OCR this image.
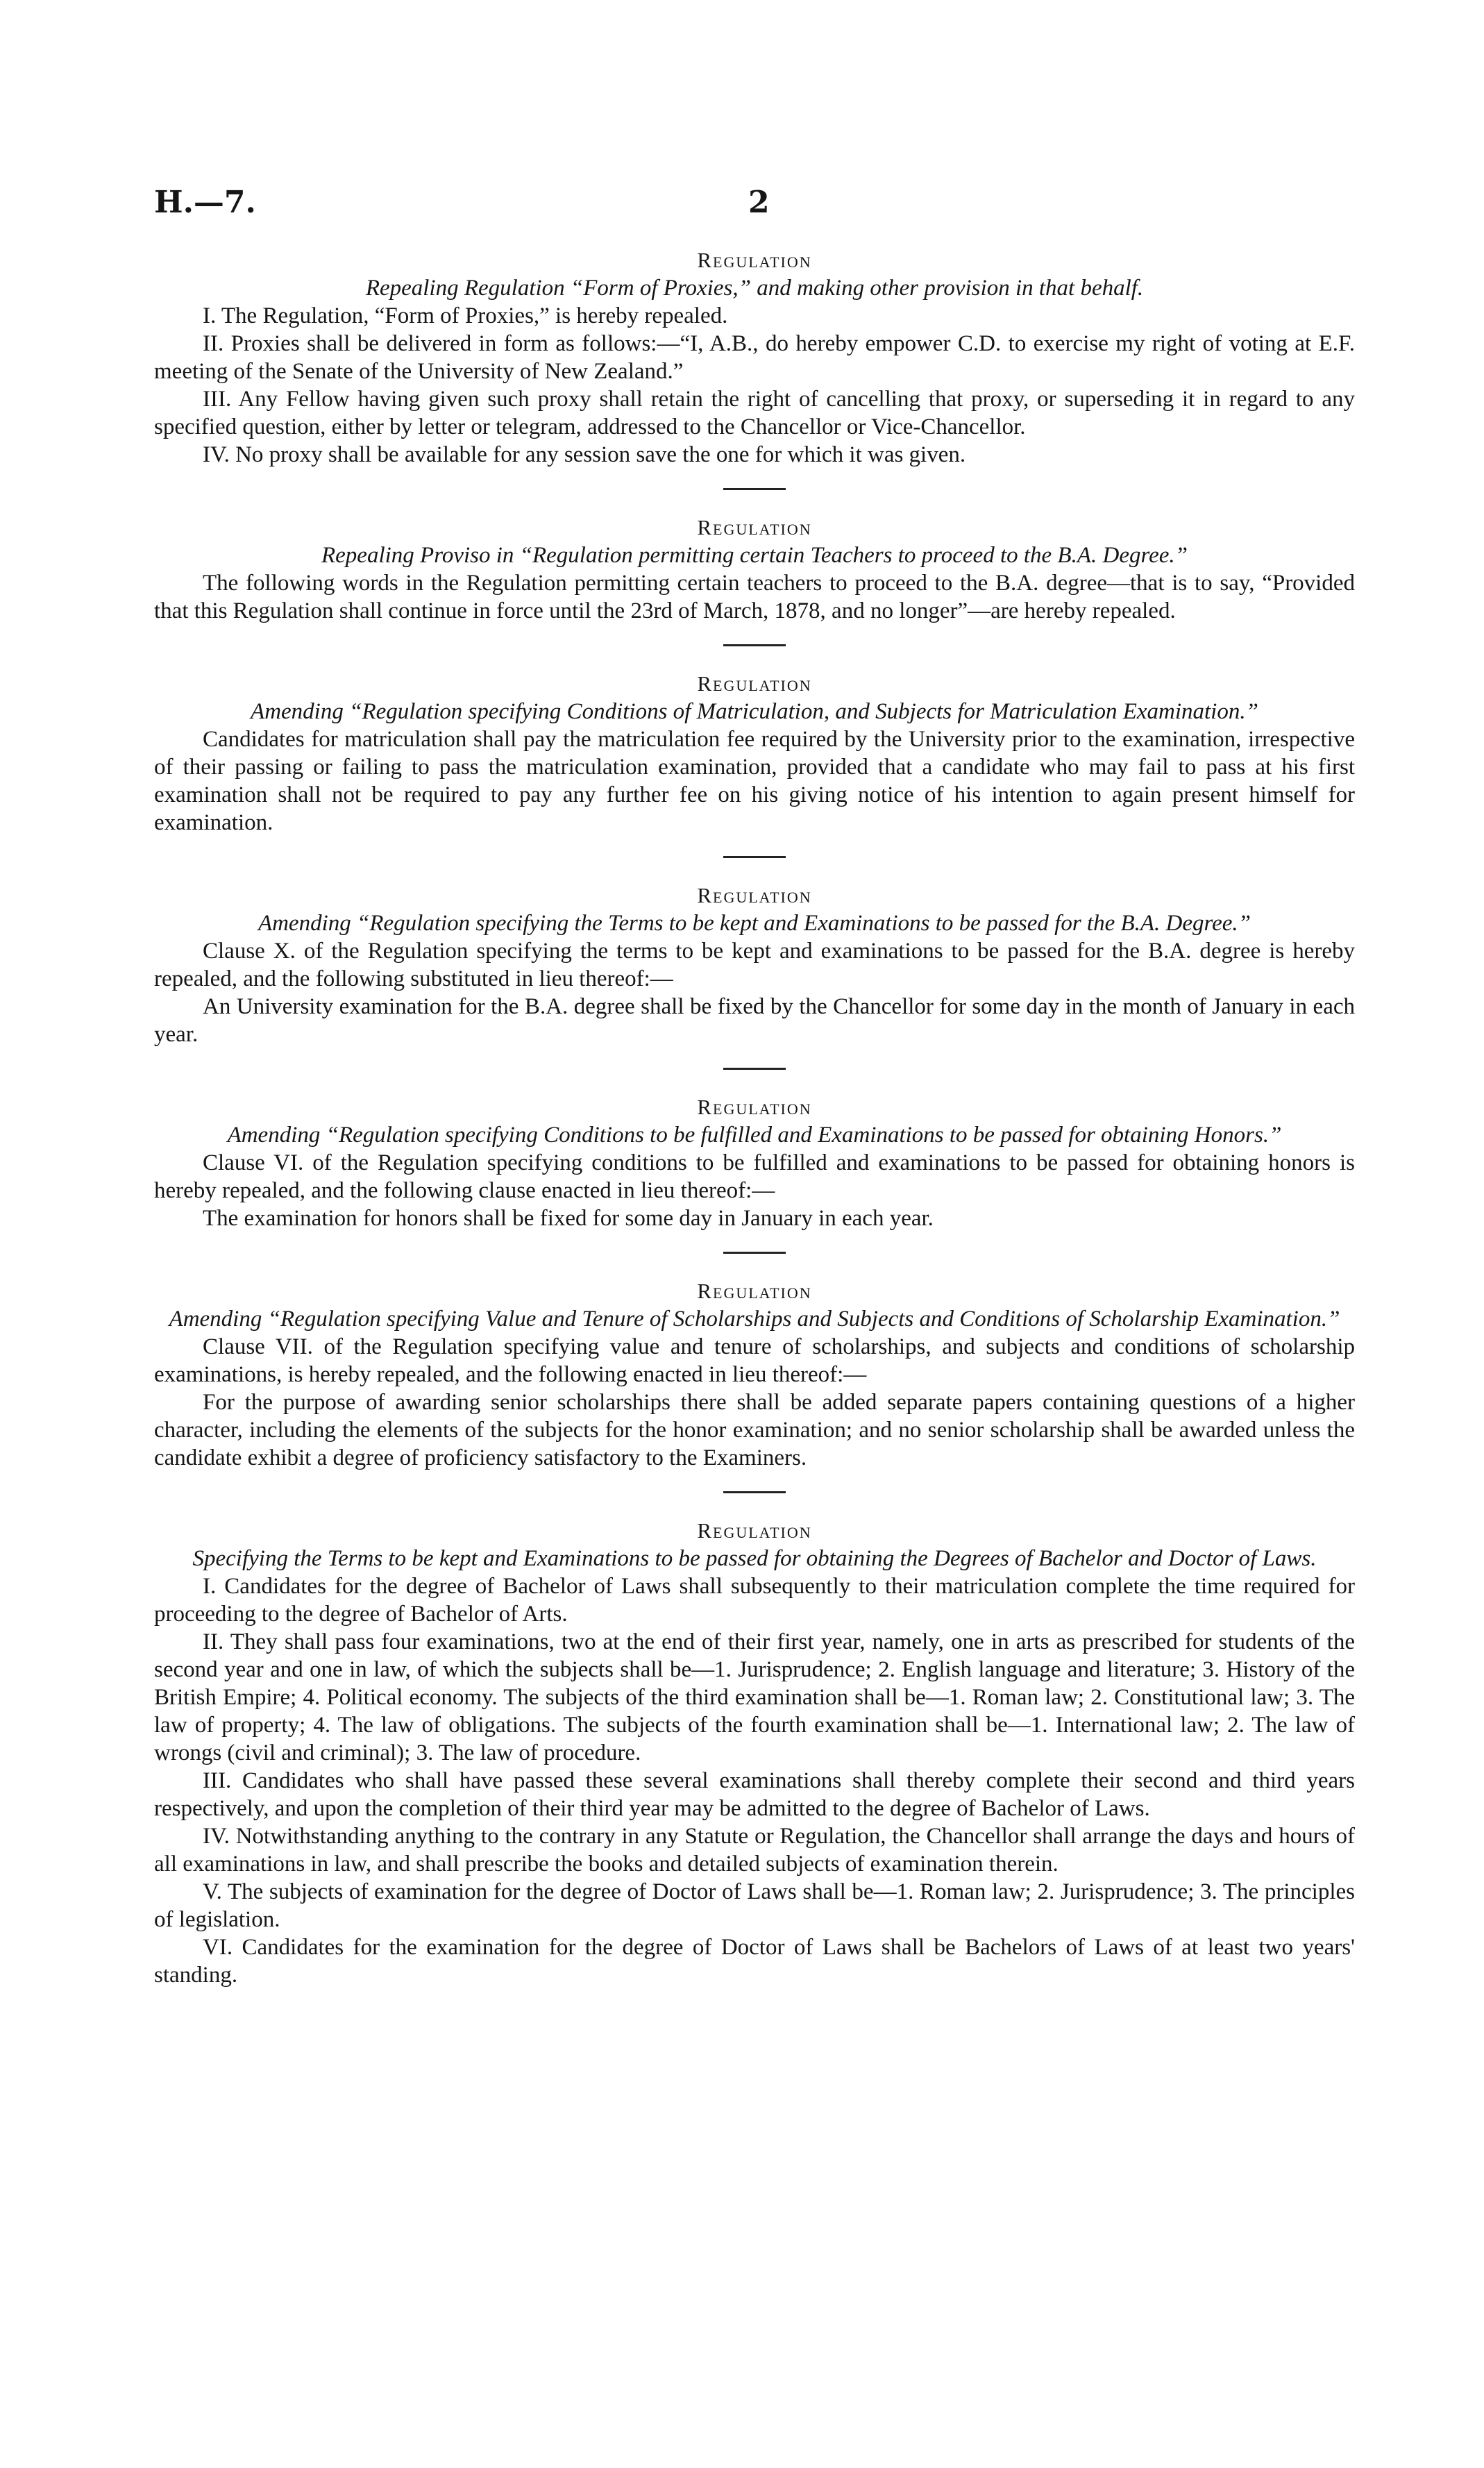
H.—7.	2
Regulation
Repealing Regulation “Form of Proxies,” and making other provision in that behalf.

I. The Regulation, “Form of Proxies,” is hereby repealed.

II. Proxies shall be delivered in form as follows:—“I, A.B., do hereby empower C.D. to exercise my right of voting at E.F. meeting of the Senate of the University of New Zealand.”

III. Any Fellow having given such proxy shall retain the right of cancelling that proxy, or superseding it in regard to any specified question, either by letter or telegram, addressed to the Chancellor or Vice-Chancellor.

IV. No proxy shall be available for any session save the one for which it was given.

Regulation
Repealing Proviso in “Regulation permitting certain Teachers to proceed to the B.A. Degree.”

The following words in the Regulation permitting certain teachers to proceed to the B.A. degree—that is to say, “Provided that this Regulation shall continue in force until the 23rd of March, 1878, and no longer”—are hereby repealed.

Regulation
Amending “Regulation specifying Conditions of Matriculation, and Subjects for Matriculation Examination.”

Candidates for matriculation shall pay the matriculation fee required by the University prior to the examination, irrespective of their passing or failing to pass the matriculation examination, provided that a candidate who may fail to pass at his first examination shall not be required to pay any further fee on his giving notice of his intention to again present himself for examination.

Regulation
Amending “Regulation specifying the Terms to be kept and Examinations to be passed for the B.A. Degree.”

Clause X. of the Regulation specifying the terms to be kept and examinations to be passed for the B.A. degree is hereby repealed, and the following substituted in lieu thereof:—

An University examination for the B.A. degree shall be fixed by the Chancellor for some day in the month of January in each year.

Regulation
Amending “Regulation specifying Conditions to be fulfilled and Examinations to be passed for obtaining Honors.”

Clause VI. of the Regulation specifying conditions to be fulfilled and examinations to be passed for obtaining honors is hereby repealed, and the following clause enacted in lieu thereof:—

The examination for honors shall be fixed for some day in January in each year.

Regulation
Amending “Regulation specifying Value and Tenure of Scholarships and Subjects and Conditions of Scholarship Examination.”

Clause VII. of the Regulation specifying value and tenure of scholarships, and subjects and conditions of scholarship examinations, is hereby repealed, and the following enacted in lieu thereof:—

For the purpose of awarding senior scholarships there shall be added separate papers containing questions of a higher character, including the elements of the subjects for the honor examination; and no senior scholarship shall be awarded unless the candidate exhibit a degree of proficiency satisfactory to the Examiners.

Regulation
Specifying the Terms to be kept and Examinations to be passed for obtaining the Degrees of Bachelor and Doctor of Laws.

I. Candidates for the degree of Bachelor of Laws shall subsequently to their matriculation complete the time required for proceeding to the degree of Bachelor of Arts.

II. They shall pass four examinations, two at the end of their first year, namely, one in arts as prescribed for students of the second year and one in law, of which the subjects shall be—1. Jurisprudence; 2. English language and literature; 3. History of the British Empire; 4. Political economy. The subjects of the third examination shall be—1. Roman law; 2. Constitutional law; 3. The law of property; 4. The law of obligations. The subjects of the fourth examination shall be—1. International law; 2. The law of wrongs (civil and criminal); 3. The law of procedure.

III. Candidates who shall have passed these several examinations shall thereby complete their second and third years respectively, and upon the completion of their third year may be admitted to the degree of Bachelor of Laws.

IV. Notwithstanding anything to the contrary in any Statute or Regulation, the Chancellor shall arrange the days and hours of all examinations in law, and shall prescribe the books and detailed subjects of examination therein.

V. The subjects of examination for the degree of Doctor of Laws shall be—1. Roman law; 2. Jurisprudence; 3. The principles of legislation.

VI. Candidates for the examination for the degree of Doctor of Laws shall be Bachelors of Laws of at least two years' standing.
